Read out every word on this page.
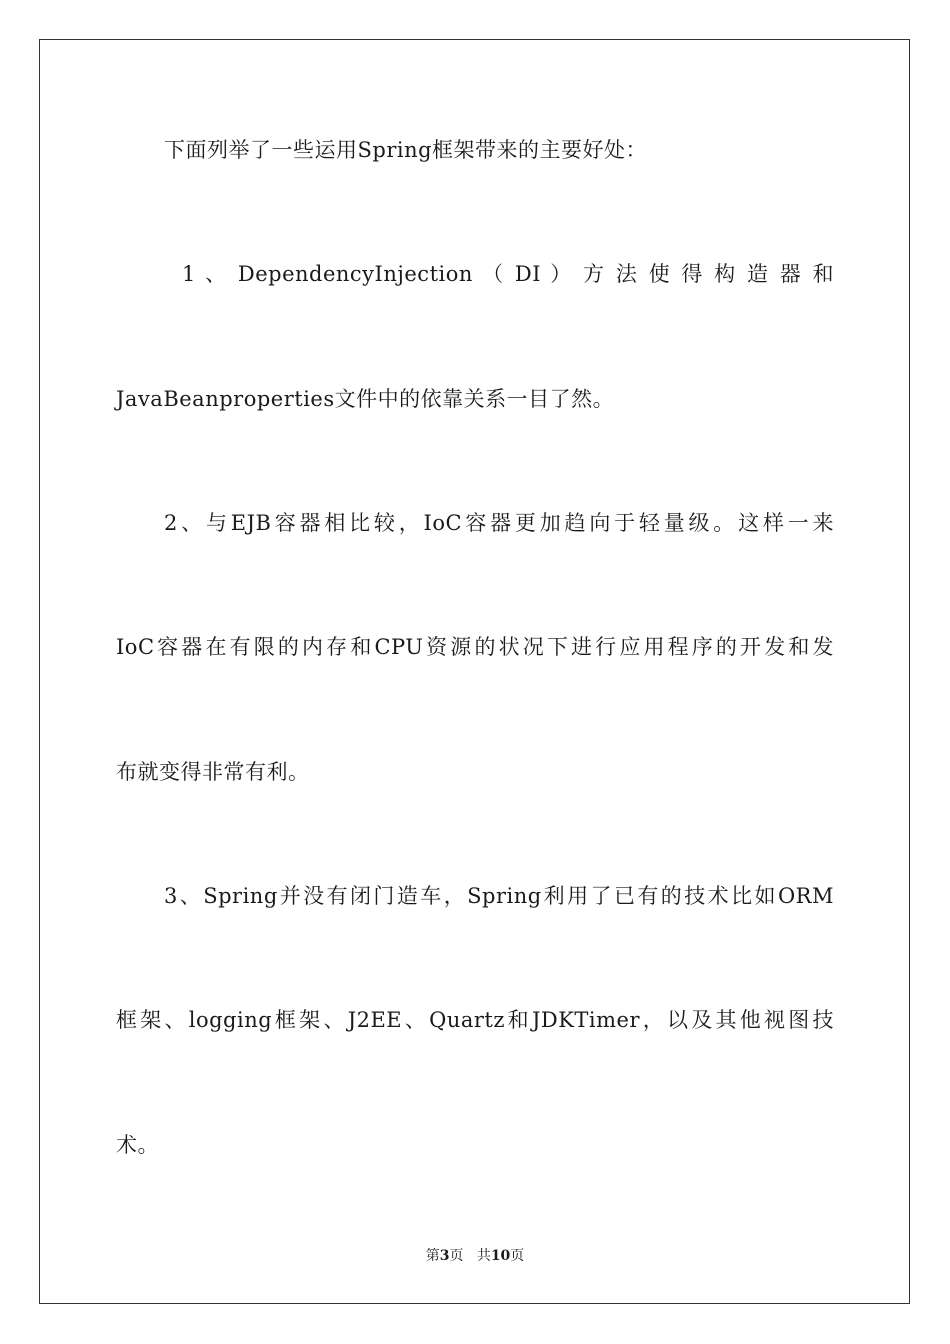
下面列举了一些运用Spring框架带来的主要好处：
1 、 DependencyInjection （ DI ） 方 法 使 得 构 造 器 和
JavaBeanproperties文件中的依靠关系一目了然。
2、与EJB容器相比较，IoC容器更加趋向于轻量级。这样一来
IoC容器在有限的内存和CPU资源的状况下进行应用程序的开发和发
布就变得非常有利。
3、Spring并没有闭门造车，Spring利用了已有的技术比如ORM
框架、logging框架、J2EE、Quartz和JDKTimer，以及其他视图技
术。
第3页 共10页
